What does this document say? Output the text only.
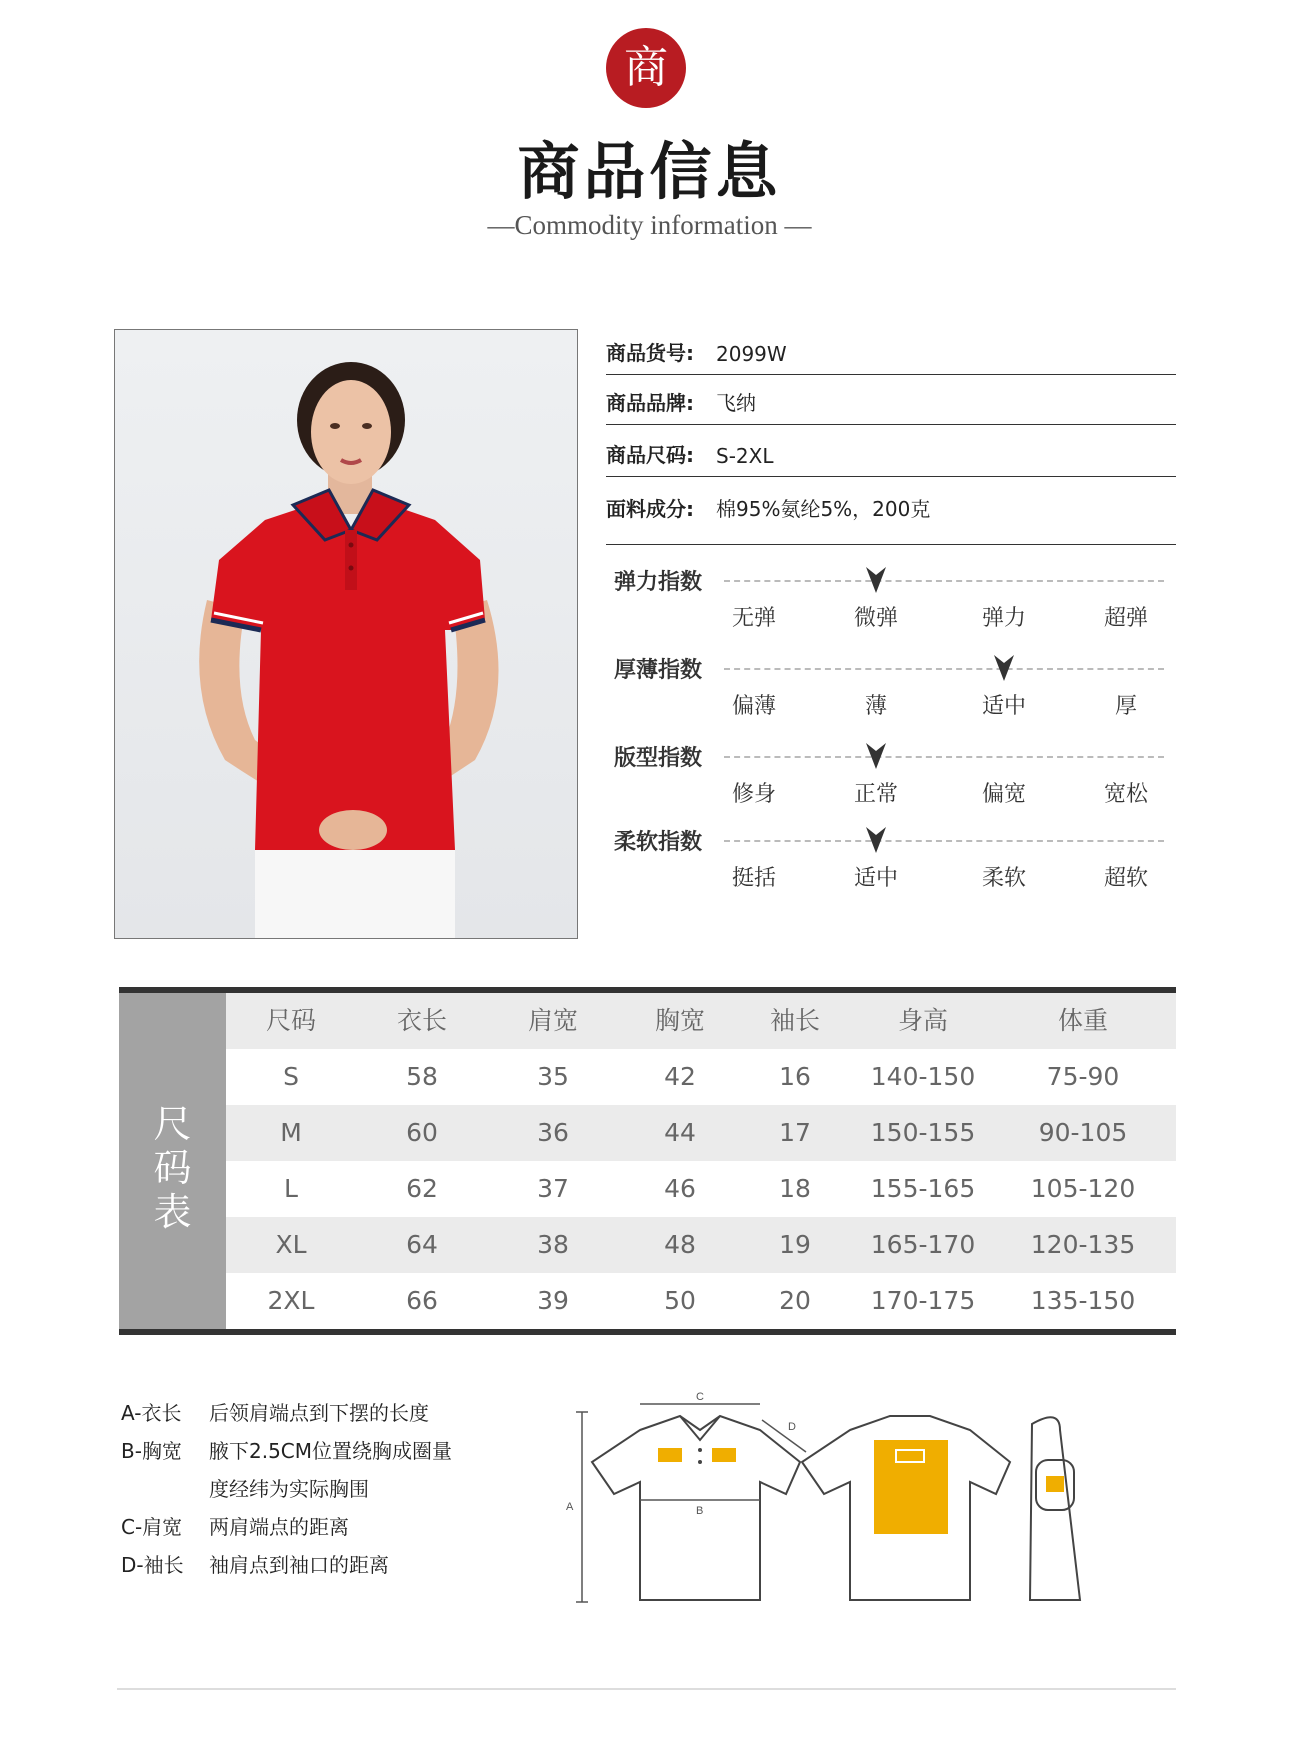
商
商品信息
—Commodity information —
商品货号: 2099W
商品品牌: 飞纳
商品尺码: S-2XL
面料成分: 棉95%氨纶5%，200克
弹力指数
无弹	微弹	弹力	超弹
厚薄指数
偏薄	薄	适中	厚
版型指数
修身	正常	偏宽	宽松
柔软指数
挺括	适中	柔软	超软
尺
码
表
尺码	衣长	肩宽	胸宽	袖长	身高	体重
S	58	35	42	16	140-150	75-90
M	60	36	44	17	150-155	90-105
L	62	37	46	18	155-165	105-120
XL	64	38	48	19	165-170	120-135
2XL	66	39	50	20	170-175	135-150
A-衣长 后领肩端点到下摆的长度
B-胸宽 腋下2.5CM位置绕胸成圈量
度经纬为实际胸围
C-肩宽 两肩端点的距离
D-袖长 袖肩点到袖口的距离
A
C
D
B
